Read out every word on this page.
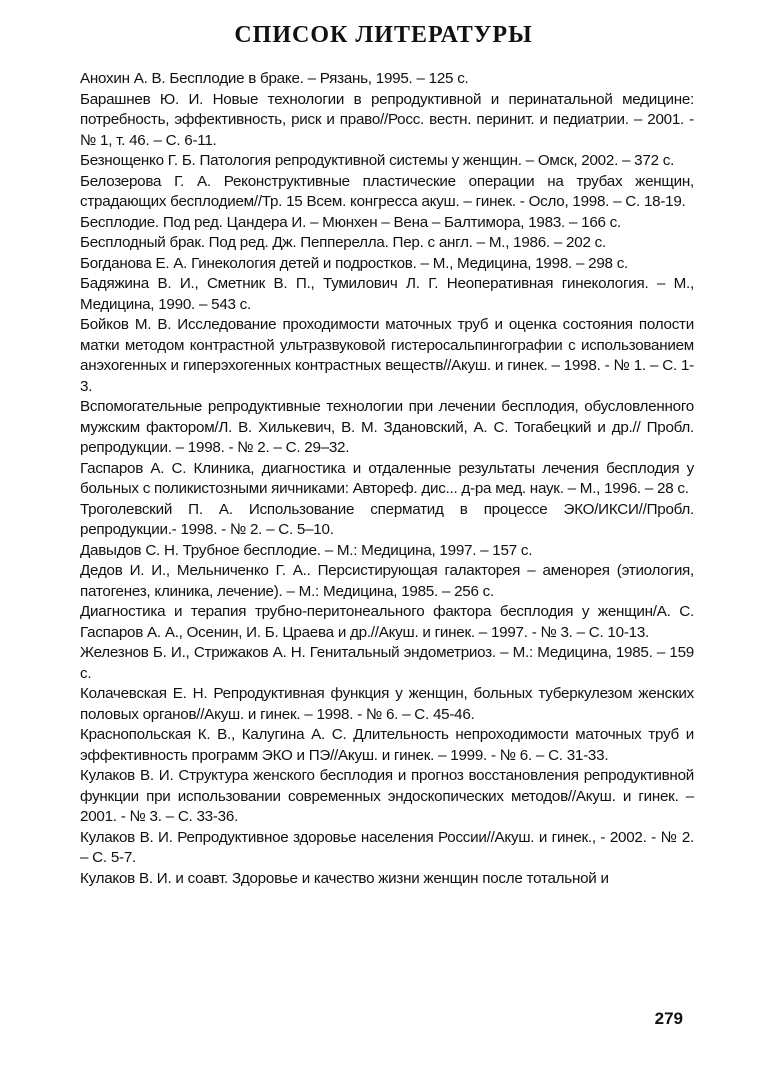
СПИСОК ЛИТЕРАТУРЫ
Анохин А. В. Бесплодие в браке. – Рязань, 1995. – 125 с.
Барашнев Ю. И. Новые технологии в репродуктивной и перинатальной медицине: потребность, эффективность, риск и право//Росс. вестн. перинит. и педиатрии. – 2001. - № 1, т. 46. – С. 6-11.
Безнощенко Г. Б. Патология репродуктивной системы у женщин. – Омск, 2002. – 372 с.
Белозерова Г. А. Реконструктивные пластические операции на трубах женщин, страдающих бесплодием//Тр. 15 Всем. конгресса акуш. – гинек. - Осло, 1998. – С. 18-19.
Бесплодие. Под ред. Цандера И. – Мюнхен – Вена – Балтимора, 1983. – 166 с.
Бесплодный брак. Под ред. Дж. Пепперелла. Пер. с англ. – М., 1986. – 202 с.
Богданова Е. А. Гинекология детей и подростков. – М., Медицина, 1998. – 298 с.
Бадяжина В. И., Сметник В. П., Тумилович Л. Г. Неоперативная гинекология. – М., Медицина, 1990. – 543 с.
Бойков М. В. Исследование проходимости маточных труб и оценка состояния полости матки методом контрастной ультразвуковой гистеросальпингографии с использованием анэхогенных и гиперэхогенных контрастных веществ//Акуш. и гинек. – 1998. - № 1. – С. 1-3.
Вспомогательные репродуктивные технологии при лечении бесплодия, обусловленного мужским фактором/Л. В. Хилькевич, В. М. Здановский, А. С. Тогабецкий и др.// Пробл. репродукции. – 1998. - № 2. – С. 29–32.
Гаспаров А. С. Клиника, диагностика и отдаленные результаты лечения бесплодия у больных с поликистозными яичниками: Автореф. дис... д-ра мед. наук. – М., 1996. – 28 с.
Троголевский П. А. Использование сперматид в процессе ЭКО/ИКСИ//Пробл. репродукции.- 1998. - № 2. – С. 5–10.
Давыдов С. Н. Трубное бесплодие. – М.: Медицина, 1997. – 157 с.
Дедов И. И., Мельниченко Г. А.. Персистирующая галакторея – аменорея (этиология, патогенез, клиника, лечение). – М.: Медицина, 1985. – 256 с.
Диагностика и терапия трубно-перитонеального фактора бесплодия у женщин/А. С. Гаспаров А. А., Осенин, И. Б. Цраева и др.//Акуш. и гинек. – 1997. - № 3. – С. 10-13.
Железнов Б. И., Стрижаков А. Н. Генитальный эндометриоз. – М.: Медицина, 1985. – 159 с.
Колачевская Е. Н. Репродуктивная функция у женщин, больных туберкулезом женских половых органов//Акуш. и гинек. – 1998. - № 6. – С. 45-46.
Краснопольская К. В., Калугина А. С. Длительность непроходимости маточных труб и эффективность программ ЭКО и ПЭ//Акуш. и гинек. – 1999. - № 6. – С. 31-33.
Кулаков В. И. Структура женского бесплодия и прогноз восстановления репродуктивной функции при использовании современных эндоскопических методов//Акуш. и гинек. – 2001. - № 3. – С. 33-36.
Кулаков В. И. Репродуктивное здоровье населения России//Акуш. и гинек., - 2002. - № 2. – С. 5-7.
Кулаков В. И. и соавт. Здоровье и качество жизни женщин после тотальной и
279
